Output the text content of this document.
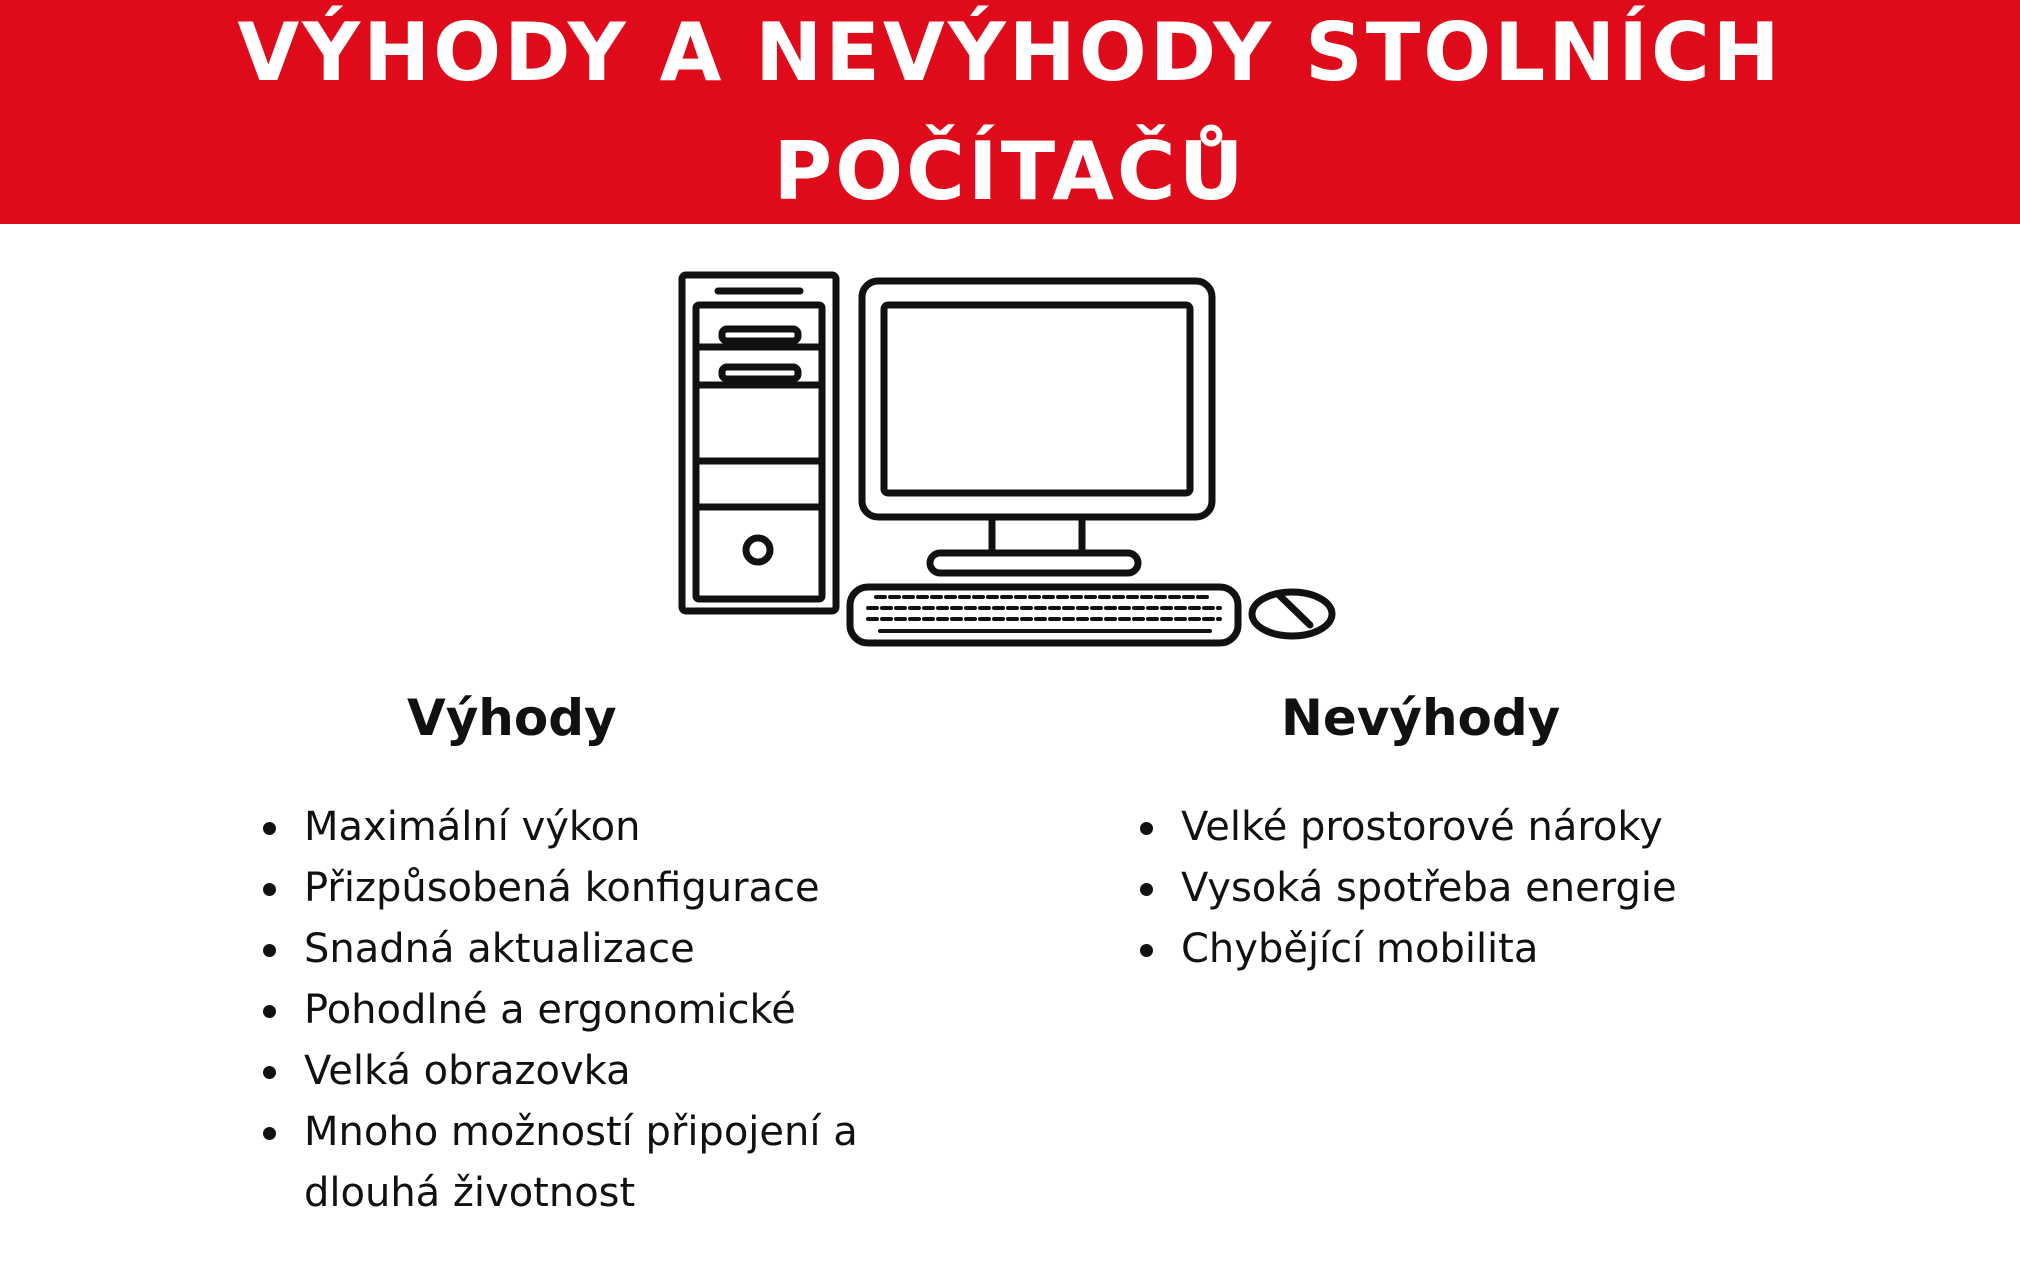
VÝHODY A NEVÝHODY STOLNÍCH
POČÍTAČŮ
Výhody	Nevýhody
Maximální výkon
Přizpůsobená konfigurace
Snadná aktualizace
Pohodlné a ergonomické
Velká obrazovka
Mnoho možností připojení a dlouhá životnost
Velké prostorové nároky
Vysoká spotřeba energie
Chybějící mobilita
